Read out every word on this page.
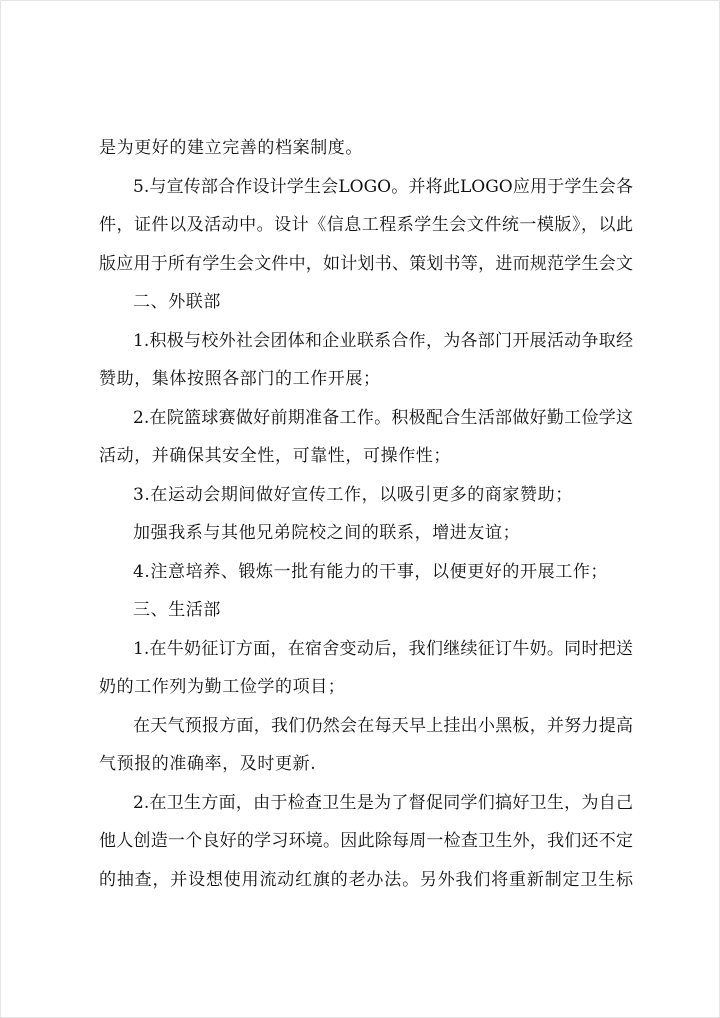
是为更好的建立完善的档案制度。
5.与宣传部合作设计学生会LOGO。并将此LOGO应用于学生会各
件，证件以及活动中。设计《信息工程系学生会文件统一模版》，以此
版应用于所有学生会文件中，如计划书、策划书等，进而规范学生会文
二、外联部
1.积极与校外社会团体和企业联系合作，为各部门开展活动争取经
赞助，集体按照各部门的工作开展；
2.在院篮球赛做好前期准备工作。积极配合生活部做好勤工俭学这
活动，并确保其安全性，可靠性，可操作性；
3.在运动会期间做好宣传工作，以吸引更多的商家赞助；
加强我系与其他兄弟院校之间的联系，增进友谊；
4.注意培养、锻炼一批有能力的干事，以便更好的开展工作；
三、生活部
1.在牛奶征订方面，在宿舍变动后，我们继续征订牛奶。同时把送
奶的工作列为勤工俭学的项目；
在天气预报方面，我们仍然会在每天早上挂出小黑板，并努力提高
气预报的准确率，及时更新.
2.在卫生方面，由于检查卫生是为了督促同学们搞好卫生，为自己
他人创造一个良好的学习环境。因此除每周一检查卫生外，我们还不定
的抽查，并设想使用流动红旗的老办法。另外我们将重新制定卫生标
